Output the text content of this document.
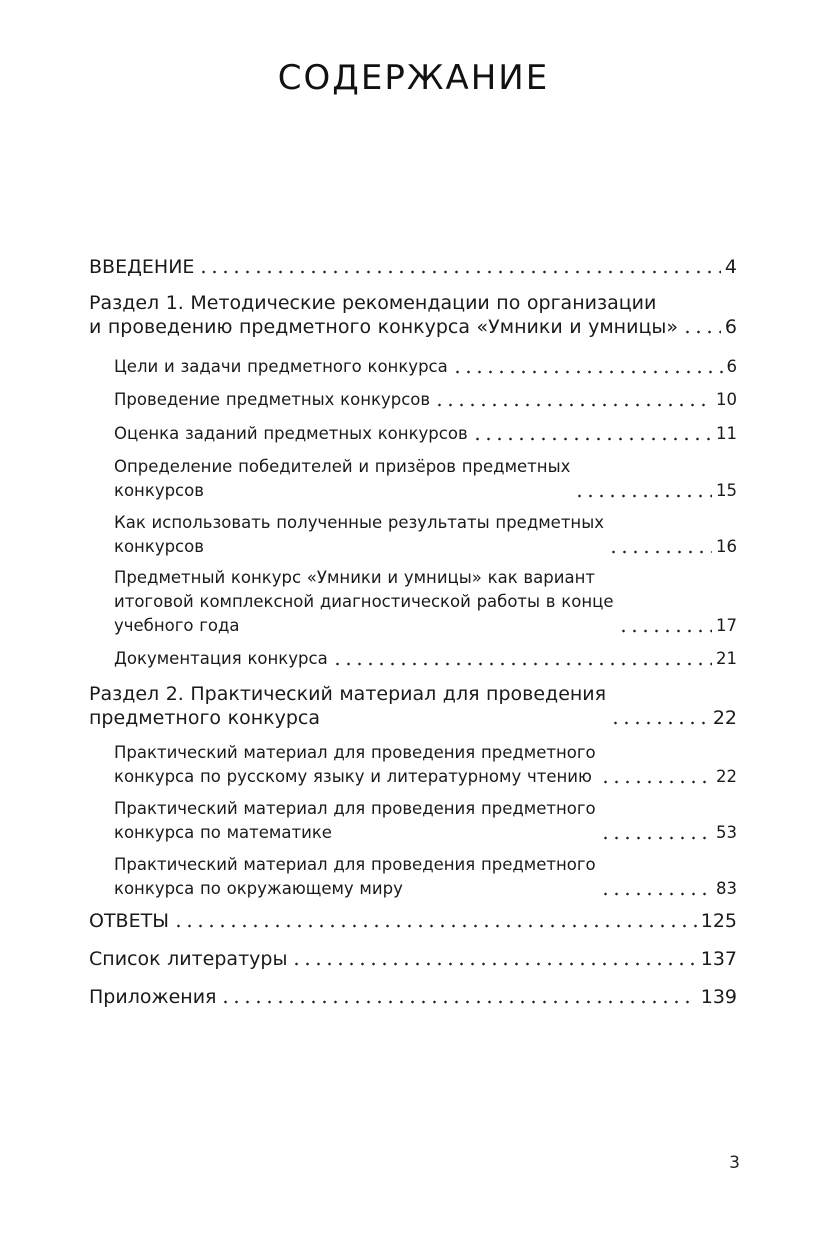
СОДЕРЖАНИЕ
ВВЕДЕНИЕ	4
Раздел 1. Методические рекомендации по организации
и проведению предметного конкурса «Умники и умницы» 6
Цели и задачи предметного конкурса	6
Проведение предметных конкурсов	10
Оценка заданий предметных конкурсов	11
Определение победителей и призёров предметных
конкурсов	15
Как использовать полученные результаты предметных
конкурсов	16
Предметный конкурс «Умники и умницы» как вариант
итоговой комплексной диагностической работы в конце
учебного года	17
Документация конкурса	21
Раздел 2. Практический материал для проведения
предметного конкурса	22
Практический материал для проведения предметного
конкурса по русскому языку и литературному чтению	22
Практический материал для проведения предметного
конкурса по математике	53
Практический материал для проведения предметного
конкурса по окружающему миру	83
ОТВЕТЫ	125
Список литературы	137
Приложения	139
3
